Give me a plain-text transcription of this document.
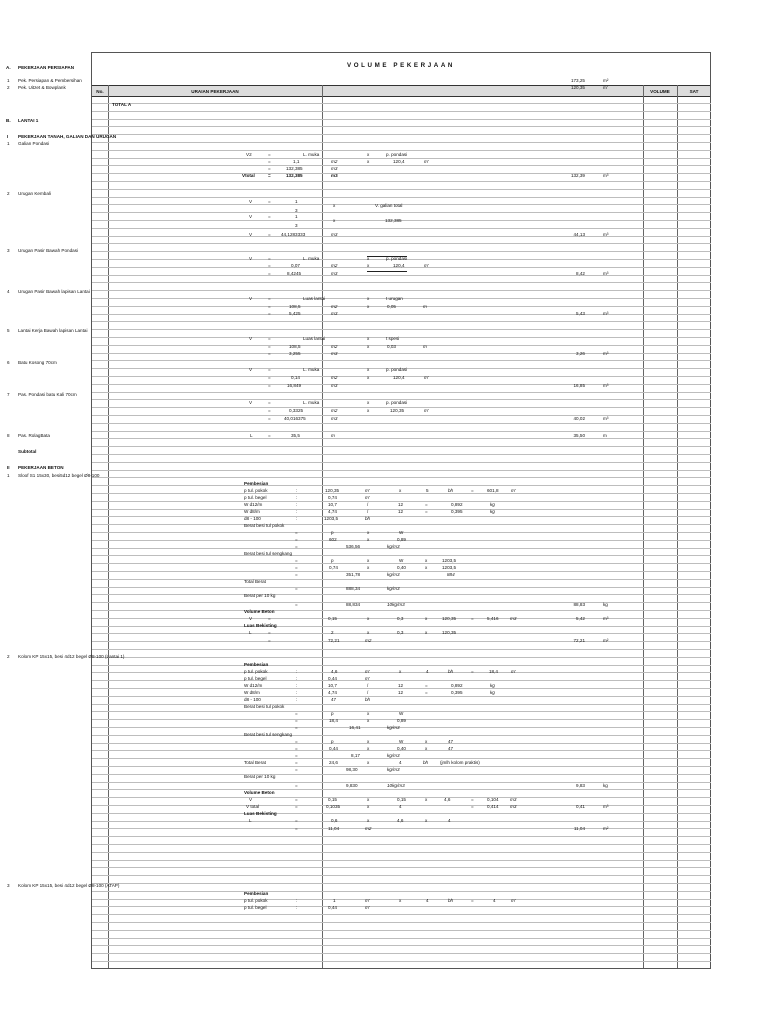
VOLUME PEKERJAAN
No.	URAIAN PEKERJAAN	VOLUME	SAT
A. PEKERJAAN PERSIAPAN
1 Pek. Persiapan & Pembersihan	173,25	m²
2 Pek. Uitzet & Bowplank	120,35	m'
TOTAL A
B. LANTAI 1
I PEKERJAAN TANAH, GALIAN DAN URUGAN
1 Galian Pondasi
V2	=	L. muka	x	p. pondasi
=	1,1	m2	x	120,4	m'
=	132,385	m3
Vtotal	=	132,385	m3	132,39	m³
2 Urugan Kembali
V	=	1
x	V. galian total
3
V	=	1
x	132,385
3
V	= 44,1283333	m3	44,13	m³
3 Urugan Pasir Bawah Pondasi
V	=	L. muka	x	p. pondasi
=	0,07	m2	x	120,4	m'
=	8,4245	m3	8,42	m³
4 Urugan Pasir Bawah lapisan Lantai
V	=	Luas lantai	x	t urugan
=	108,5	m2	x	0,05	m
=	5,425	m3	5,43	m³
5 Lantai Kerja Bawah lapisan Lantai
V	=	Luas lantai	x	t spesi
=	108,5	m2	x	0,03	m
=	3,255	m3	3,26	m³
6 Batu Kosong 70cm
V	=	L. muka	x	p. pondasi
=	0,14	m2	x	120,4	m'
=	16,849	m3	16,85	m³
7 Pas. Pondasi batu Kali 70cm
V	=	L. muka	x	p. pondasi
=	0,3325	m2	x	120,35	m'
=	40,016375	m3	40,02	m³
8 Pas. RolagBata	L	=	35,5	m	35,50	m
Subtotal
II PEKERJAAN BETON
1 Sloof S1 15x30, besi5d12 begel Ø8-100
Pembesian
p tul. pokok	:	120,35	m'	x	5	bh	=	601,8	m'
p tul. begel	:	0,74	m'
W d12/m	:	10,7	/	12	=	0,892	kg
W d8/m	:	4,74	/	12	=	0,395	kg
d8 - 100	:	1203,5	bh
Berat besi tul pokok
=	p	x	W
=	602	x	0,89
=	536,56	kg/m3
Berat besi tul sengkang
=	p	x	W	x	1203,5
=	0,74	x	0,40	x	1203,5
=	351,78	kg/m3	884
Total Berat
=	888,34	kg/m3
Berat per 10 kg
=	88,834	10kg/m3	88,83	kg
Volume Beton
V	=	0,15	x	0,3	x	120,35	=	5,416	m3	5,42	m³
Luas Bekisting
L	=	2	x	0,3	x	120,35
=	72,21	m2	72,21	m²
2 Kolom KP 15x15, besi 4d12 begel Ø8-100 (Lantai 1)
Pembesian
p tul. pokok	:	4,6	m'	x	4	bh	=	18,4	m'
p tul. begel	:	0,44	m'
W d12/m	:	10,7	/	12	=	0,892	kg
W d8/m	:	4,74	/	12	=	0,395	kg
d8 - 100	:	47	bh
Berat besi tul pokok
=	p	x	W
=	18,4	x	0,89
=	16,41	kg/m3
Berat besi tul sengkang
=	p	x	W	x	47
=	0,44	x	0,40	x	47
=	8,17	kg/m3
Total Berat	=	24,6	x	4	bh	(jmlh kolom praktis)
=	98,30	kg/m3
Berat per 10 kg
=	9,830	10kg/m3	9,83	kg
Volume Beton
V	=	0,15	x	0,15	x	4,6	=	0,104	m3
V total	=	0,1035	x	4	=	0,414	m3	0,41	m³
Luas Bekisting
L	=	0,6	x	4,6	x	4
=	11,04	m2	11,04	m²
3 Kolom KP 15x15, besi 4d12 begel Ø8-100 (ATAP)
Pembesian
p tul. pokok	:	1	m'	x	4	bh	=	4	m'
p tul. begel	:	0,44	m'
